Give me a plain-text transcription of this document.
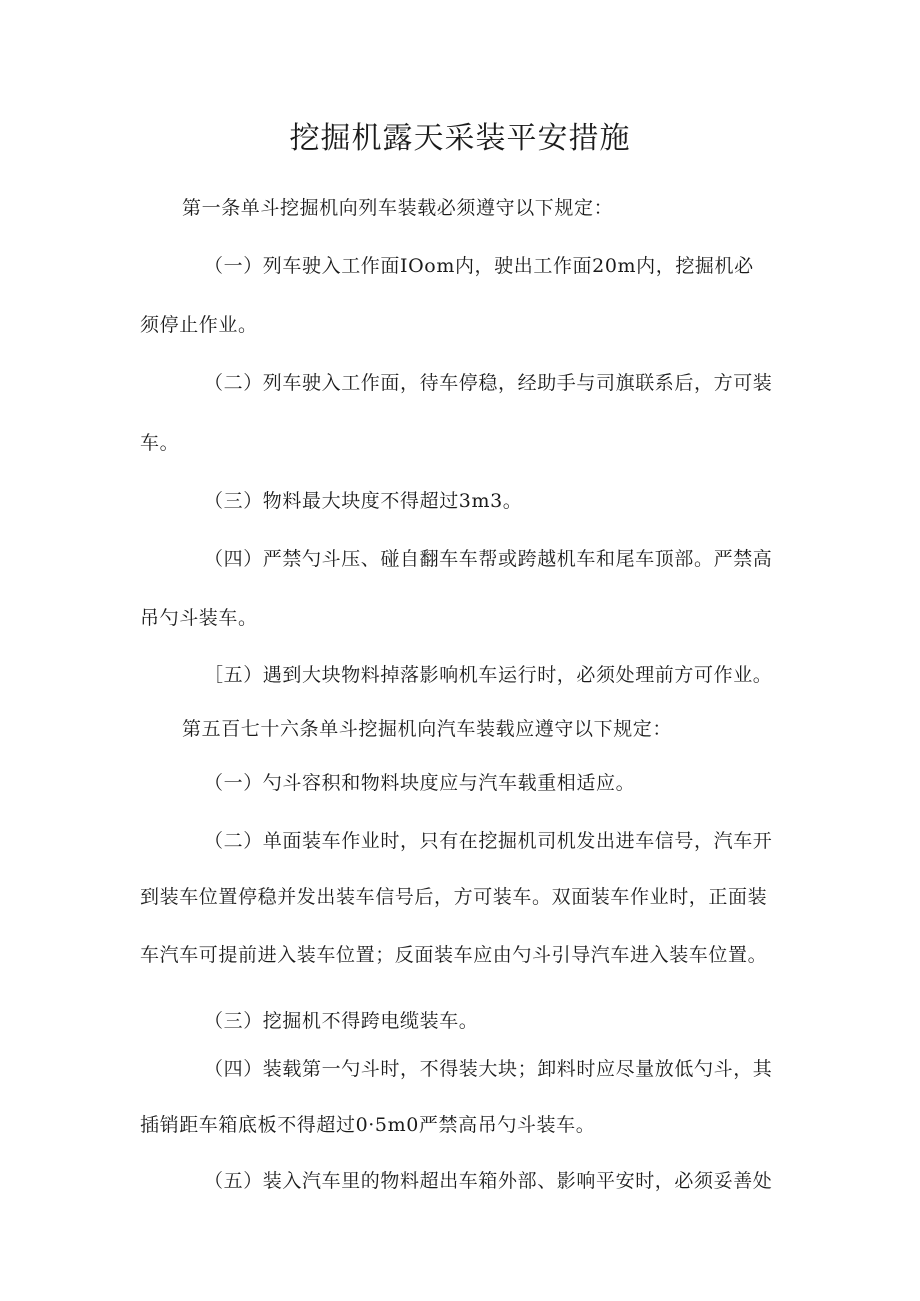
挖掘机露天采装平安措施

第一条单斗挖掘机向列车装载必须遵守以下规定：

（一）列车驶入工作面IOom内，驶出工作面20m内，挖掘机必

须停止作业。

（二）列车驶入工作面，待车停稳，经助手与司旗联系后，方可装

车。

（三）物料最大块度不得超过3m3。

（四）严禁勺斗压、碰自翻车车帮或跨越机车和尾车顶部。严禁高

吊勺斗装车。

［五）遇到大块物料掉落影响机车运行时，必须处理前方可作业。

第五百七十六条单斗挖掘机向汽车装载应遵守以下规定：

（一）勺斗容积和物料块度应与汽车载重相适应。

（二）单面装车作业时，只有在挖掘机司机发出进车信号，汽车开

到装车位置停稳并发出装车信号后，方可装车。双面装车作业时，正面装

车汽车可提前进入装车位置；反面装车应由勺斗引导汽车进入装车位置。

（三）挖掘机不得跨电缆装车。

（四）装载第一勺斗时，不得装大块；卸料时应尽量放低勺斗，其

插销距车箱底板不得超过0·5m0严禁高吊勺斗装车。

（五）装入汽车里的物料超出车箱外部、影响平安时，必须妥善处
